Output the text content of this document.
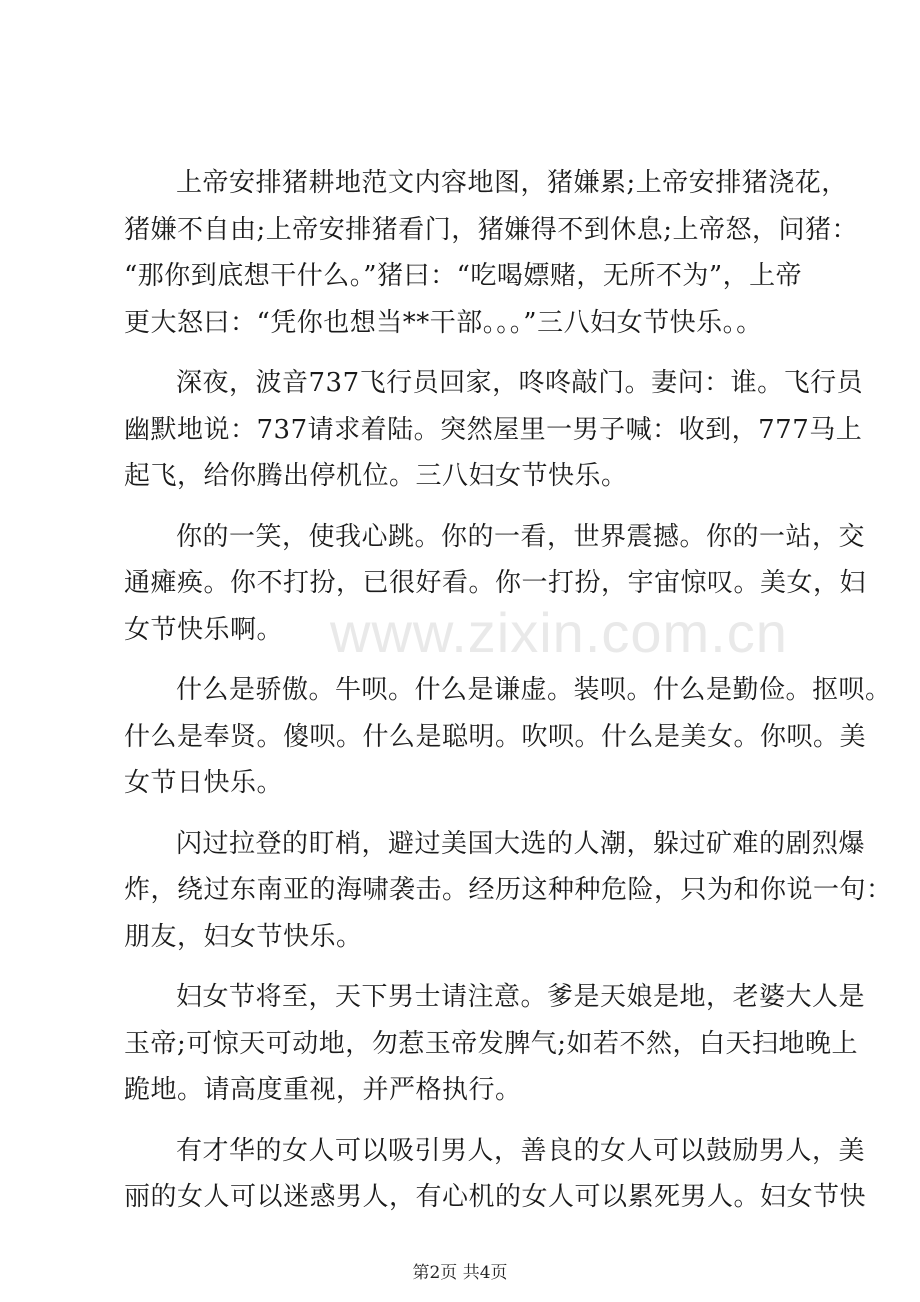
www.zixin.com.cn
上帝安排猪耕地范文内容地图，猪嫌累;上帝安排猪浇花，
猪嫌不自由;上帝安排猪看门，猪嫌得不到休息;上帝怒，问猪：
“那你到底想干什么。”猪曰：“吃喝嫖赌，无所不为”，上帝
更大怒曰：“凭你也想当**干部。。。”三八妇女节快乐。。
深夜，波音737飞行员回家，咚咚敲门。妻问：谁。飞行员
幽默地说：737请求着陆。突然屋里一男子喊：收到，777马上
起飞，给你腾出停机位。三八妇女节快乐。
你的一笑，使我心跳。你的一看，世界震撼。你的一站，交
通瘫痪。你不打扮，已很好看。你一打扮，宇宙惊叹。美女，妇
女节快乐啊。
什么是骄傲。牛呗。什么是谦虚。装呗。什么是勤俭。抠呗。
什么是奉贤。傻呗。什么是聪明。吹呗。什么是美女。你呗。美
女节日快乐。
闪过拉登的盯梢，避过美国大选的人潮，躲过矿难的剧烈爆
炸，绕过东南亚的海啸袭击。经历这种种危险，只为和你说一句：
朋友，妇女节快乐。
妇女节将至，天下男士请注意。爹是天娘是地，老婆大人是
玉帝;可惊天可动地，勿惹玉帝发脾气;如若不然，白天扫地晚上
跪地。请高度重视，并严格执行。
有才华的女人可以吸引男人，善良的女人可以鼓励男人，美
丽的女人可以迷惑男人，有心机的女人可以累死男人。妇女节快
第2页 共4页
